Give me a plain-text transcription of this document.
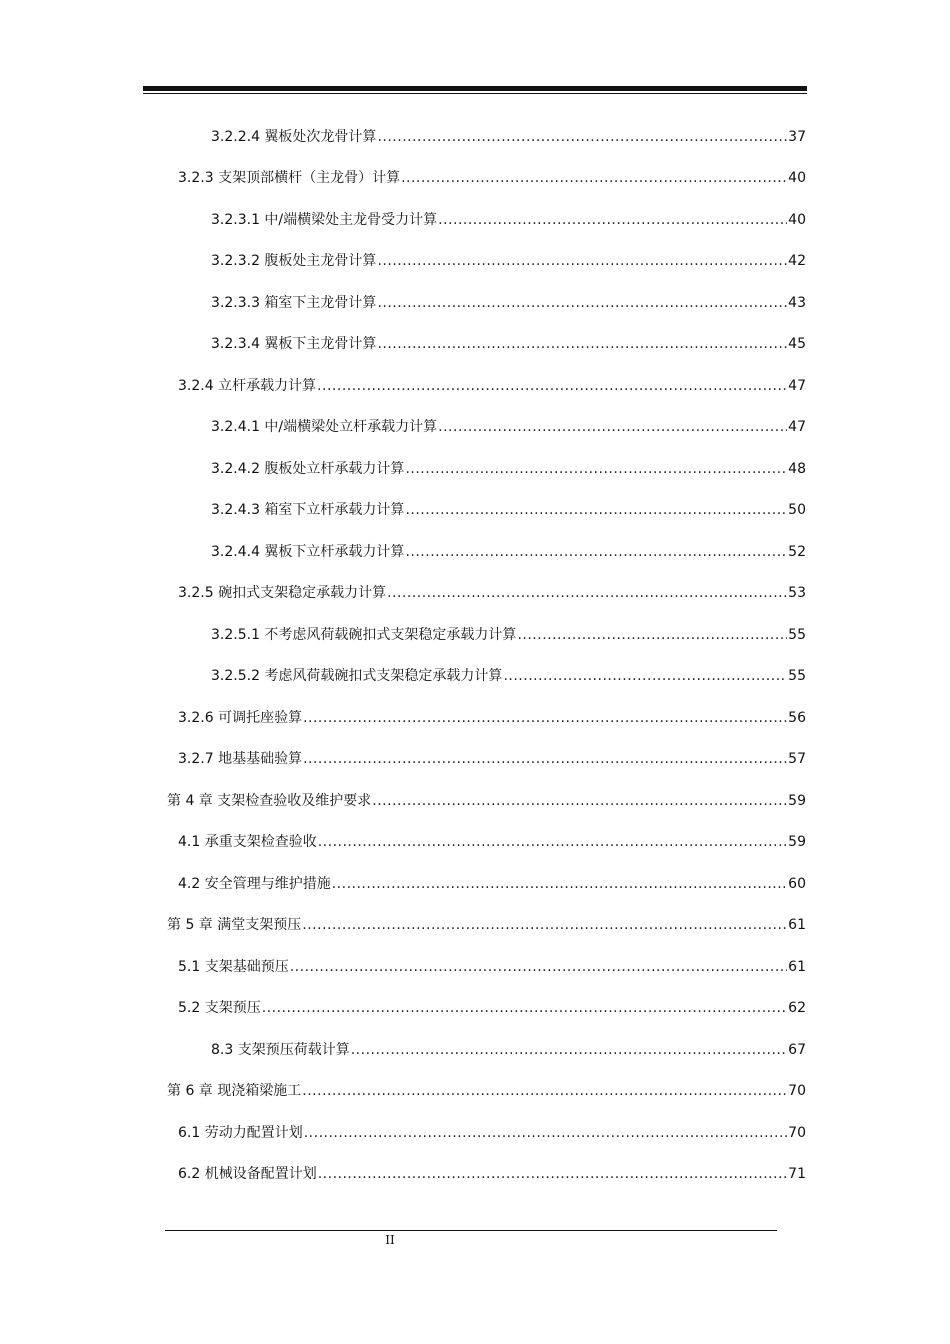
3.2.2.4 翼板处次龙骨计算 .....	37
3.2.3 支架顶部横杆（主龙骨）计算 .....	40
3.2.3.1 中/端横梁处主龙骨受力计算 .....	40
3.2.3.2 腹板处主龙骨计算 .....	42
3.2.3.3 箱室下主龙骨计算 .....	43
3.2.3.4 翼板下主龙骨计算 .....	45
3.2.4 立杆承载力计算 .....	47
3.2.4.1 中/端横梁处立杆承载力计算 .....	47
3.2.4.2 腹板处立杆承载力计算 .....	48
3.2.4.3 箱室下立杆承载力计算 .....	50
3.2.4.4 翼板下立杆承载力计算 .....	52
3.2.5 碗扣式支架稳定承载力计算 .....	53
3.2.5.1 不考虑风荷载碗扣式支架稳定承载力计算 .....	55
3.2.5.2 考虑风荷载碗扣式支架稳定承载力计算 .....	55
3.2.6 可调托座验算 .....	56
3.2.7 地基基础验算 .....	57
第 4 章 支架检查验收及维护要求 .....	59
4.1 承重支架检查验收 .....	59
4.2 安全管理与维护措施 .....	60
第 5 章 满堂支架预压 .....	61
5.1 支架基础预压 .....	61
5.2 支架预压 .....	62
8.3 支架预压荷载计算 .....	67
第 6 章 现浇箱梁施工 .....	70
6.1 劳动力配置计划 .....	70
6.2 机械设备配置计划 .....	71
II
